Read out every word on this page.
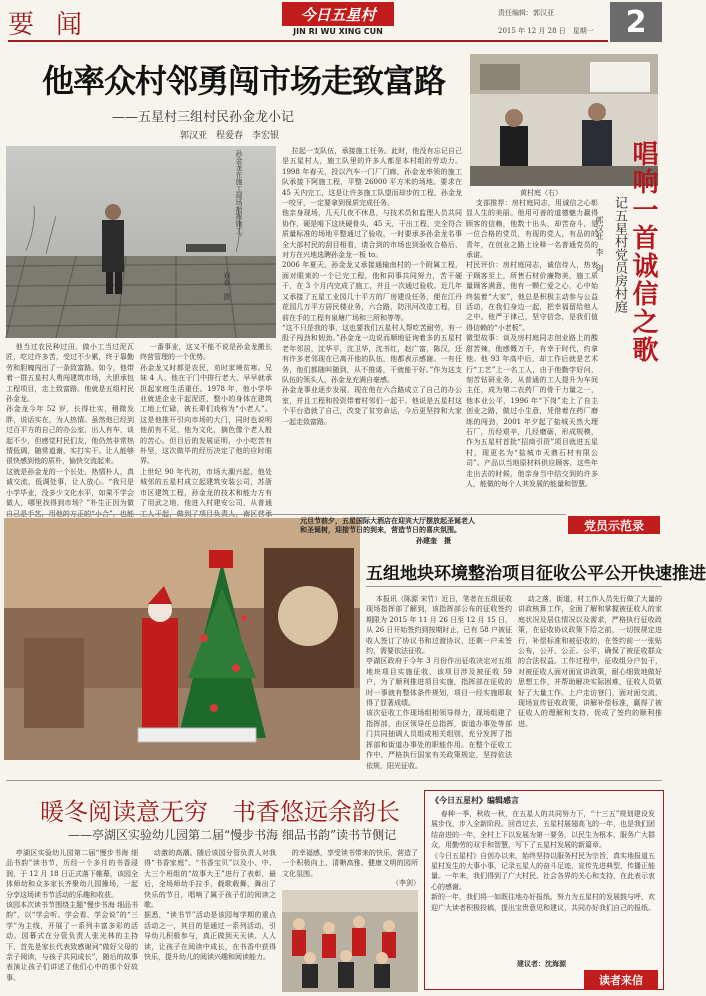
要闻	今日五星村
JIN RI WU XING CUN
责任编辑：郭汉亚
2015 年 12 月 28 日　星期一	2
他率众村邻勇闯市场走致富路
——五星村三组村民孙金龙小记
郭汉亚　程爱春　李宏银
孙金龙在施工现场指挥施工。
春春　摄

他当过农民种过田，做小工当过泥瓦匠，吃过许多苦，受过不少累，终于靠勤劳和胆魄闯出了一条致富路。如今，他带着一群五星村人勇闯建筑市场，大胆承包工程项目，走上致富路。他就是五组村民孙金龙。
孙金龙今年 52 岁，长得壮实，稍微发胖，说话实在，为人热情。虽然他已经到过百平方的自己的办公室，出人有车，谈起不少，但感觉村民们友，他仍然非常热情低调，随常道谢，实打实干。让人能够很快感到他的质朴，愉快交流起来。
这就是孙金龙的一个长处，热情朴人，真诚交流，低调处事，让人放心。“我只是小学毕业，没多少文化水平，如果不学会做人，哪里找得到市场？”朴生正因为做

一番事业，这又不能不说是孙金龙搬长终营管理的一个优势。
孙金龙又时都是农民，劝时家境贫寒。兄妹 4 人，他在于门中排行老大，早早就承担起家庭生活重任。1978 年，他小学毕业就进企业干起泥匠，整小的身体在建筑工地上忙碌，被长辈们戏称为“小老人”。这是他推开引向市场的大门，同时也说明他前有不足，他为文化，摘色像个老人般的苦心。但目后的发展证明，小小吃苦有朴坚，这次做毕的经历决定了他的应时眼界。
上世纪 90 年代初，市场大潮兴起，他处城邻的五星村成立起建筑安装公司，苏浙市区建筑工程，孙金龙的技术和能力方有了用武之地，他进入村建安公司，从普通

拉起一支队伍，承接施工任务。此时，他没有忘记自己是五星村人，施工队里的许多人都是本村组的劳动力。1998 年春天，投以汽车一门厂门廊，孙金龙率领的施工队承接下阿施工程，平整 26000 平方米的场地。要求在 45 天内完工，这是让许多施工队望而却步的工程，孙金龙一咬牙，一定要拿到保质完成任务。
他亲身现场，几天几夜不休息，与技术员和监理人员共同协作，硬是啃下这块硬骨头，45 天，干出工程，完全符合质量标准的场地平整通过了验收，一时要承多孙金龙名事全大部村民的刮目相看，请合到的市场也到验收合格后，对方在兴地选聘孙金龙一板 to。
2006 年夏天，孙金龙又承接通输南村的一个附属工程，面对眼束的一个已完工程，他和同事共同努力，苦干硬干，在 3 个月内完成了施工，并且一次通过验收。近几年又承接了五星工业园几十平方的厂房建设任务，便在江丹花园几万平方居民楼业务，六合路，防汛河改造工程，目前在手的工程有泉塘广场和三所和等等。
“这不只是我的事，这也要我们五星村人帮吃苦耐劳，有一股子闯劲和韧劲。”孙金龙一边说而顺地征询着多的五星村老年邻居，沈华平，沈卫华，沈书红，赵广富，陈汉，还有许多老邻现在已离开他的队伍，他都表示感谢。一有任务，他们都随叫随到，从不推诿，干就能干好。”作为这支队伍的领头人，孙金龙充满自豪感。
孙金龙事业逐步发展，现在他在六合路成立了自己的办公室，并且工程和投资带着村邻们一起干。他说是五星村这个平台造就了自己，改变了贫穷命运，今后更坚持和大家一起走致富路。

黄村庭（右）

支部推荐：房村庭同志，用诚信之心彰显人生的美丽。他用可善的道德魅力赢得顾客的信赖，他数十出头，却苦奋斗，是一位合格的党员，有现的党人，有品的的青年，在创业之路上诠释一名普通党员的承诺。
村民评价：房村庭同志，诚信待人，热衷于顾客至上，所售石材价廉物美，施工质量顾客满意，他有一颗仁爱之心，心中始终装着“大家”，他总是积极主动参与公益活动，在我们身边一起，把幸福留给他人之中。他严于律己，坚守信念，是我们值得信赖的“小老板”。
微型故事：谈及房村庭同志创业路上的酸甜苦辣，他感慨万千，有幸于时代，约拿他。他 93 年高中后，却工作后就是艺术行“工艺”上一名工人，由于他勤学好问，刻苦钻研业务，从普通的工人提升为车间主任，成为第二农药厂的骨干力量之一，他本业公平，1996 年“下岗”走上了自主创业之路，做过小生意，凭借着在药厂磨练的闯劲，2001 年夕起了盐城天然大理石厂，历经艰辛，几经磨砺，形成规模，作为五星村首批“招商引资”项目就进五星村，现更名为“盐城市天鼎石材有限公司”。产品以当地原材料供应顾客，这些年走出去的时候，他亲身当中结交到的许多人，能做的每个人其发展的能量和智慧。

唱响一首诚信之歌
记五星村党员房村庭
郭汉亚　李　剑
党员示范录
元旦节前夕，五星国际大酒店在迎宾大厅摆放起圣诞老人和圣诞树，迎接节日的到来，营造节日的喜庆氛围。
孙建奎　摄
五组地块环境整治项目征收公平公开快速推进

本报讯（陈源 宋竹）近日，笔者在五组征收现场指挥部了解到，该指挥部公布的征收签约期限为 2015 年 11 月 26 日至 12 月 15 日，从 26 日开始签约到按期时止，已有 58 户被征收人签订了协议书和过渡协议，还剩一户未签约，需要依法征收。
亭湖区政府于今年 3 月份作出征收决定对五组地块项目实施征收，该项目涉及被征收 59 户，为了顺利推进项目实施，指挥部在征收的时一事就有整体条件规划，项目一经实施即取得了显著成绩。
该次征收工作现场组相领导得力，现场组建了指挥部，由区领导任总指挥，街道办事处等部门共同抽调人员组成相关组别，充分发挥了指挥部和街道办事处的职能作用。在整个征收工作中，严格执行国家有关政策规定，坚持依法依规，阳光征收。

动之落，街道，村工作人员先行做了大量的讲政核算工作，全面了解和掌握被征收人的家庭状况及居住情况以及需求，严格执行征收政策，在征收协议政策下给之前，一切按规定进行，补偿标准和被征收的，在签约前一一张贴公布，公开、公正、公平，确保了被征收群众的合法权益。工作过程中，征收组分户包干，对被征收人面对面宣讲政策，耐心细致地做好思想工作，并帮助解决实际困难，征收人员做好了大量工作。上户走访登门，面对面交流，现场宣传征收政策，讲解补偿标准，赢得了被征收人的理解和支持，促成了签约的顺利推进。

暖冬阅读意无穷　书香悠远余韵长
——亭湖区实验幼儿园第二届“慢步书海 细品书韵”读书节侧记

亭湖区实验幼儿园第二届“慢步书海 细品书韵”读书节，历经一个多月的书香浸润，于 12 月 18 日正式落下帷幕，该园全体师幼和众多家长齐聚幼儿园操场，一起分享这场读书节活动的乐趣和收获。
该园本次读书节围绕主题“慢步书海 细品书韵”，以“学会听、学会看、学会说”的“三学”为主线，开展了一系列丰富多彩的活动。园幕式在分管负责人张光林的主持下，首先是家长代表致感谢词“做好父母的亲子阅读，与孩子共同成长”，随后的故事表演让孩子们讲述了他们心中的那个好故事。

动激的高潮。随后该园分管负责人对我得“书香家庭”、“书香宝贝”以及小、中、大三个班组的“故事大王”进行了表彰，最后，全场师幼手拉手，载歌载舞，舞出了快乐的节日，唱响了属于孩子们的阅读之歌。
据悉，“读书节”活动是该园每学期的重点活动之一，其目的是通过一系列活动，引导幼儿积极参与，真正做到天天读、人人读，让孩子在阅读中成长，在书香中获得快乐，提升幼儿的阅读兴趣和阅读能力。

的幸福感，享受读书带来的快乐，营造了一个积极向上、清晰高雅、健康文明的园所文化氛围。

（李剑）
《今日五星村》编辑感言

春种一季，秋收一秋，在五星人的共同努力下，“十三五”规划建设发展步伐，步入全新阶段。回首过去，五星村展翅高飞的一年，也是我们团结奋进的一年，全村上下以发展为第一要务，以民生为根本，服务广大群众，用勤劳的双手和智慧，写下了五星村发展的新篇章。
《今日五星村》自创办以来，始终坚持以服务村民为宗旨，真实地报道五星村发生的大事小事，记录五星人的奋斗足迹，宣传先进典型，传播正能量。一年来，我们得到了广大村民、社会各界的关心和支持，在此表示衷心的感谢。
新的一年，我们将一如既往地办好报纸，努力为五星村的发展鼓与呼，欢迎广大读者积极投稿，提出宝贵意见和建议，共同办好我们自己的报纸。

建议者：沈海源
读者来信
